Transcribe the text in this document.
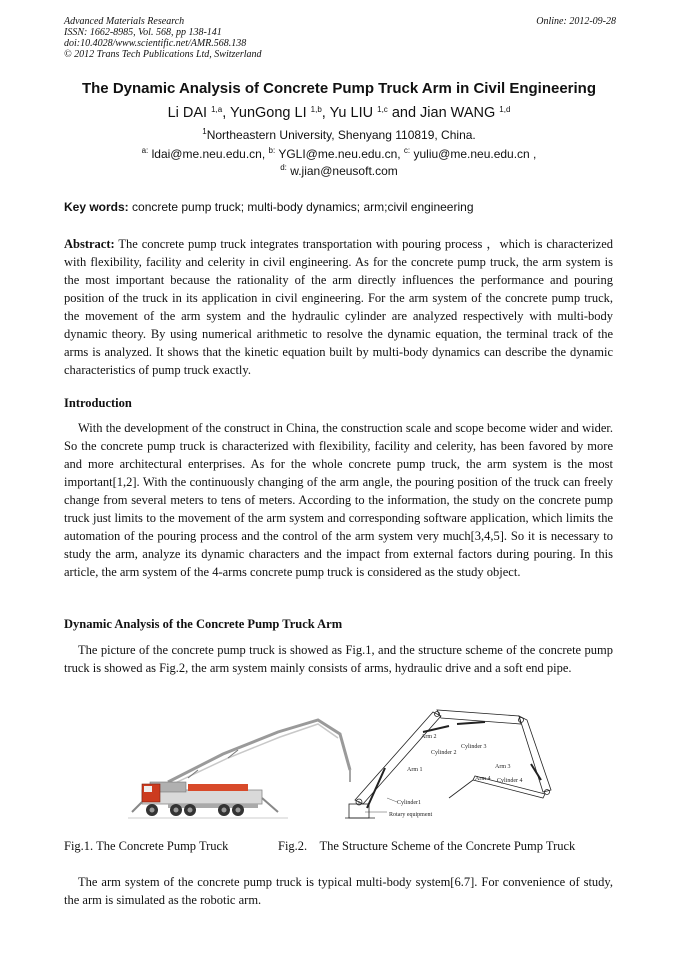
Advanced Materials Research
ISSN: 1662-8985, Vol. 568, pp 138-141
doi:10.4028/www.scientific.net/AMR.568.138
© 2012 Trans Tech Publications Ltd, Switzerland
Online: 2012-09-28
The Dynamic Analysis of Concrete Pump Truck Arm in Civil Engineering
Li DAI $^{1,a}$, YunGong LI $^{1,b}$, Yu LIU $^{1,c}$ and Jian WANG $^{1,d}$
$^1$Northeastern University, Shenyang 110819, China.
$^{a:}$ ldai@me.neu.edu.cn, $^{b:}$ YGLI@me.neu.edu.cn, $^{c:}$ yuliu@me.neu.edu.cn ,
$^{d:}$ w.jian@neusoft.com
Key words: concrete pump truck; multi-body dynamics; arm;civil engineering
Abstract: The concrete pump truck integrates transportation with pouring process ，which is characterized with flexibility, facility and celerity in civil engineering. As for the concrete pump truck, the arm system is the most important because the rationality of the arm directly influences the performance and pouring position of the truck in its application in civil engineering. For the arm system of the concrete pump truck, the movement of the arm system and the hydraulic cylinder are analyzed respectively with multi-body dynamic theory. By using numerical arithmetic to resolve the dynamic equation, the terminal track of the arms is analyzed. It shows that the kinetic equation built by multi-body dynamics can describe the dynamic characteristics of pump truck exactly.
Introduction
With the development of the construct in China, the construction scale and scope become wider and wider. So the concrete pump truck is characterized with flexibility, facility and celerity, has been favored by more and more architectural enterprises. As for the whole concrete pump truck, the arm system is the most important[1,2]. With the continuously changing of the arm angle, the pouring position of the truck can freely change from several meters to tens of meters. According to the information, the study on the concrete pump truck just limits to the movement of the arm system and corresponding software application, which limits the automation of the pouring process and the control of the arm system very much[3,4,5]. So it is necessary to study the arm, analyze its dynamic characters and the impact from external factors during pouring. In this article, the arm system of the 4-arms concrete pump truck is considered as the study object.
Dynamic Analysis of the Concrete Pump Truck Arm
The picture of the concrete pump truck is showed as Fig.1, and the structure scheme of the concrete pump truck is showed as Fig.2, the arm system mainly consists of arms, hydraulic drive and a soft end pipe.
Arm 2
Cylinder 3
Cylinder 2
Arm 3
Arm 1
Arm 4 Cylinder 4
Cylinder1
Rotary equipment
Fig.1. The Concrete Pump Truck	Fig.2.    The Structure Scheme of the Concrete Pump Truck
The arm system of the concrete pump truck is typical multi-body system[6.7]. For convenience of study, the arm is simulated as the robotic arm.
